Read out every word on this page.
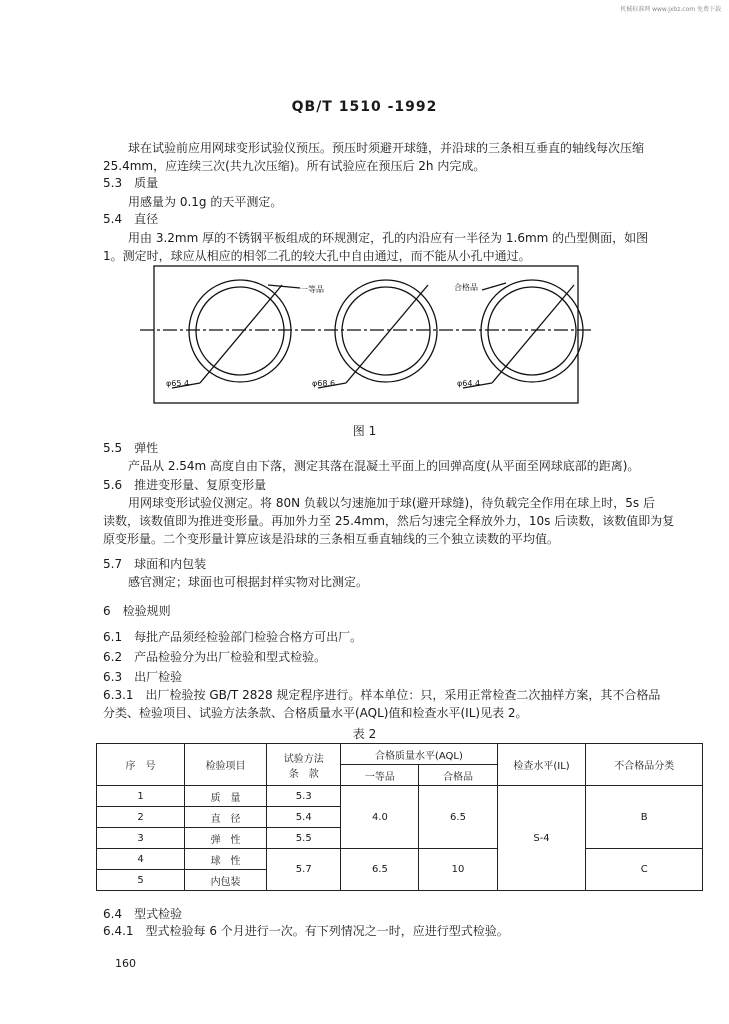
机械标准网 www.jxbz.com 免费下载
QB/T 1510 -1992
球在试验前应用网球变形试验仪预压。预压时须避开球缝，并沿球的三条相互垂直的轴线每次压缩
25.4mm，应连续三次(共九次压缩)。所有试验应在预压后 2h 内完成。
5.3　质量
用感量为 0.1g 的天平测定。
5.4　直径
用由 3.2mm 厚的不锈钢平板组成的环规测定，孔的内沿应有一半径为 1.6mm 的凸型侧面，如图
1。测定时，球应从相应的相邻二孔的较大孔中自由通过，而不能从小孔中通过。
一等品	合格品
φ65.4	φ68.6	φ64.4
图 1
5.5　弹性
产品从 2.54m 高度自由下落，测定其落在混凝土平面上的回弹高度(从平面至网球底部的距离)。
5.6　推进变形量、复原变形量
用网球变形试验仪测定。将 80N 负载以匀速施加于球(避开球缝)，待负载完全作用在球上时，5s 后
读数，该数值即为推进变形量。再加外力至 25.4mm，然后匀速完全释放外力，10s 后读数，该数值即为复
原变形量。二个变形量计算应该是沿球的三条相互垂直轴线的三个独立读数的平均值。
5.7　球面和内包装
感官测定；球面也可根据封样实物对比测定。
6　检验规则
6.1　每批产品须经检验部门检验合格方可出厂。
6.2　产品检验分为出厂检验和型式检验。
6.3　出厂检验
6.3.1　出厂检验按 GB/T 2828 规定程序进行。样本单位：只，采用正常检查二次抽样方案，其不合格品
分类、检验项目、试验方法条款、合格质量水平(AQL)值和检查水平(IL)见表 2。
表 2
序　号	检验项目	试验方法
条　款	合格质量水平(AQL)		检查水平(IL)	不合格品分类
			一等品	合格品		
1	质　量	5.3	4.0	6.5	S-4	B
2	直　径	5.4				
3	弹　性	5.5				
4	球　性	5.7	6.5	10		C
5	内包装					
6.4　型式检验
6.4.1　型式检验每 6 个月进行一次。有下列情况之一时，应进行型式检验。
160
